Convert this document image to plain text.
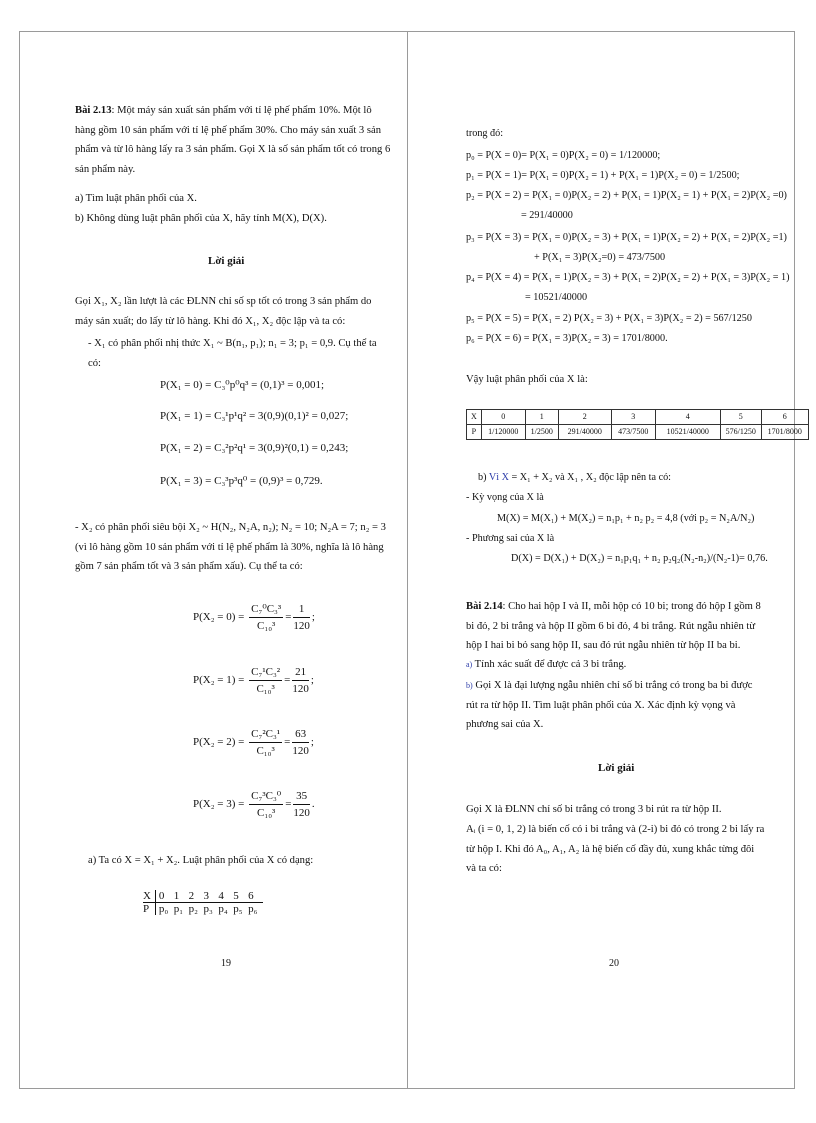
Bài 2.13: Một máy sản xuất sản phẩm với tỉ lệ phế phẩm 10%. Một lô hàng gồm 10 sản phẩm với tỉ lệ phế phẩm 30%. Cho máy sản xuất 3 sản phẩm và từ lô hàng lấy ra 3 sản phẩm. Gọi X là số sản phẩm tốt có trong 6 sản phẩm này.
a) Tìm luật phân phối của X.
b) Không dùng luật phân phối của X, hãy tính M(X), D(X).
Lời giải
Gọi X₁, X₂ lần lượt là các ĐLNN chỉ số sp tốt có trong 3 sản phẩm do máy sản xuất; do lấy từ lô hàng. Khi đó X₁, X₂ độc lập và ta có:
- X₁ có phân phối nhị thức X₁ ~ B(n₁, p₁); n₁ = 3; p₁ = 0,9. Cụ thể ta có:
P(X₁ = 0) = C₃⁰p⁰q³ = (0,1)³ = 0,001;
P(X₁ = 1) = C₃¹p¹q² = 3(0,9)(0,1)² = 0,027;
P(X₁ = 2) = C₃²p²q¹ = 3(0,9)²(0,1) = 0,243;
P(X₁ = 3) = C₃³p³q⁰ = (0,9)³ = 0,729.
- X₂ có phân phối siêu bội X₂ ~ H(N₂, N₂A, n₂); N₂ = 10; N₂A = 7; n₂ = 3 (vì lô hàng gồm 10 sản phẩm với tỉ lệ phế phẩm là 30%, nghĩa là lô hàng gồm 7 sản phẩm tốt và 3 sản phẩm xấu). Cụ thể ta có:
$P(X_2 = 0) = \frac{\text{C₇⁰C₃³}}{\text{C₁₀³}} = \frac{1}{120}$ ;
$P(X_2 = 1) = \frac{\text{C₇¹C₃²}}{\text{C₁₀³}} = \frac{21}{120}$ ;
$P(X_2 = 2) = \frac{\text{C₇²C₃¹}}{\text{C₁₀³}} = \frac{63}{120}$ ;
$P(X_2 = 3) = \frac{\text{C₇³C₃⁰}}{\text{C₁₀³}} = \frac{35}{120}$ .
a) Ta có X = X₁ + X₂. Luật phân phối của X có dạng:
X 0 1 2 3 4 5 6
P p₀ p₁ p₂ p₃ p₄ p₅ p₆
19
trong đó:
p₀ = P(X = 0)= P(X₁ = 0)P(X₂ = 0) = 1/120000;
p₁ = P(X = 1)= P(X₁ = 0)P(X₂ = 1) + P(X₁ = 1)P(X₂ = 0) = 1/2500;
p₂ = P(X = 2) = P(X₁ = 0)P(X₂ = 2) + P(X₁ = 1)P(X₂ = 1) + P(X₁ = 2)P(X₂ =0)
= 291/40000
p₃ = P(X = 3) = P(X₁ = 0)P(X₂ = 3) + P(X₁ = 1)P(X₂ = 2) + P(X₁ = 2)P(X₂ =1)
+ P(X₁ = 3)P(X₂=0) = 473/7500
p₄ = P(X = 4) = P(X₁ = 1)P(X₂ = 3) + P(X₁ = 2)P(X₂ = 2) + P(X₁ = 3)P(X₂ = 1)
= 10521/40000
p₅ = P(X = 5) = P(X₁ = 2) P(X₂ = 3) + P(X₁ = 3)P(X₂ = 2) = 567/1250
p₆ = P(X = 6) = P(X₁ = 3)P(X₂ = 3) = 1701/8000.
Vậy luật phân phối của X là:
X	0	1	2	3	4	5	6
P	1/120000	1/2500	291/40000	473/7500	10521/40000	576/1250	1701/8000
b) Vì X = X₁ + X₂ và X₁ , X₂ độc lập nên ta có:
- Kỳ vọng của X là
M(X) = M(X₁) + M(X₂) = n₁p₁ + n₂ p₂ = 4,8 (với p₂ = N₂A/N₂)
- Phương sai của X là
D(X) = D(X₁) + D(X₂) = n₁p₁q₁ + n₂ p₂q₂(N₂-n₂)/(N₂-1)= 0,76.
Bài 2.14: Cho hai hộp I và II, mỗi hộp có 10 bi; trong đó hộp I gồm 8 bi đỏ, 2 bi trắng và hộp II gồm 6 bi đỏ, 4 bi trắng. Rút ngẫu nhiên từ hộp I hai bi bỏ sang hộp II, sau đó rút ngẫu nhiên từ hộp II ba bi.
a) Tính xác suất để được cả 3 bi trắng.
b) Gọi X là đại lượng ngẫu nhiên chỉ số bi trắng có trong ba bi được rút ra từ hộp II. Tìm luật phân phối của X. Xác định kỳ vọng và phương sai của X.
Lời giải
Gọi X là ĐLNN chỉ số bi trắng có trong 3 bi rút ra từ hộp II.
Aᵢ (i = 0, 1, 2) là biến cố có i bi trắng và (2-i) bi đỏ có trong 2 bi lấy ra từ hộp I. Khi đó A₀, A₁, A₂ là hệ biến cố đầy đủ, xung khắc từng đôi và ta có:
20
